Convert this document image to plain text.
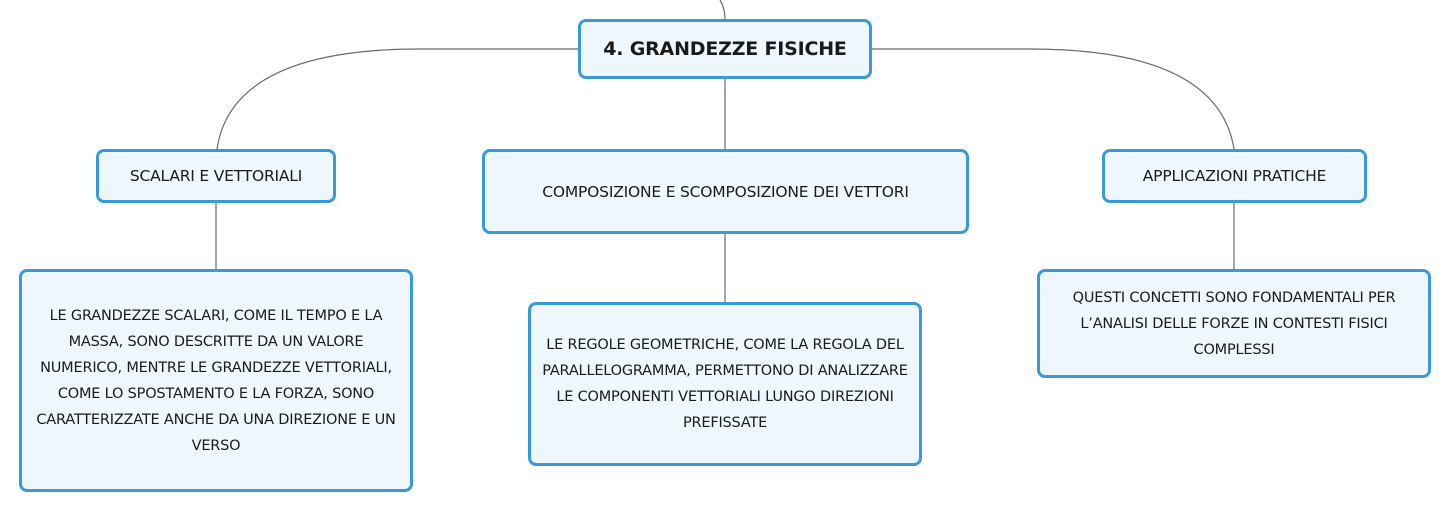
4. GRANDEZZE FISICHE
SCALARI E VETTORIALI
COMPOSIZIONE E SCOMPOSIZIONE DEI VETTORI
APPLICAZIONI PRATICHE
LE GRANDEZZE SCALARI, COME IL TEMPO E LA MASSA, SONO DESCRITTE DA UN VALORE NUMERICO, MENTRE LE GRANDEZZE VETTORIALI, COME LO SPOSTAMENTO E LA FORZA, SONO CARATTERIZZATE ANCHE DA UNA DIREZIONE E UN VERSO
LE REGOLE GEOMETRICHE, COME LA REGOLA DEL PARALLELOGRAMMA, PERMETTONO DI ANALIZZARE LE COMPONENTI VETTORIALI LUNGO DIREZIONI PREFISSATE
QUESTI CONCETTI SONO FONDAMENTALI PER L’ANALISI DELLE FORZE IN CONTESTI FISICI COMPLESSI
